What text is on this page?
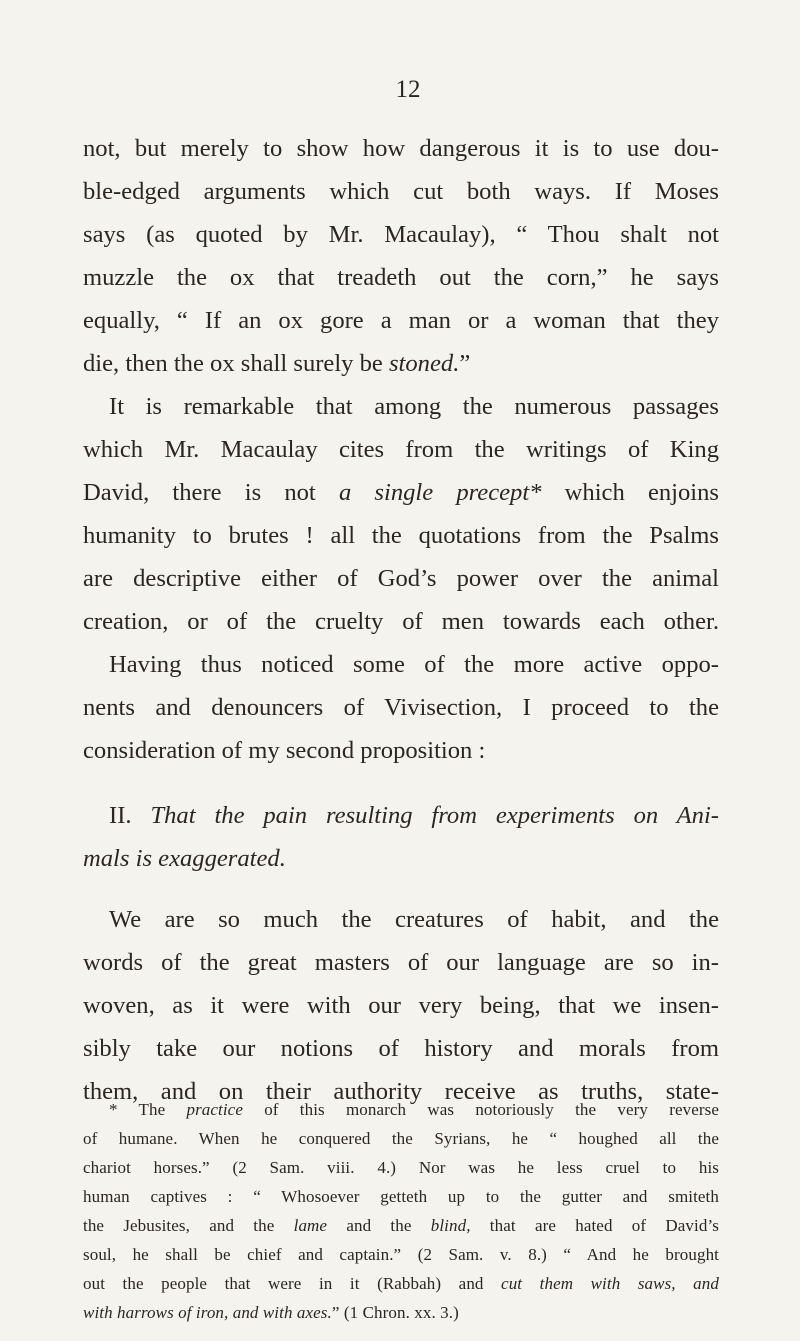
12
not, but merely to show how dangerous it is to use dou-
ble-edged arguments which cut both ways. If Moses
says (as quoted by Mr. Macaulay), “ Thou shalt not
muzzle the ox that treadeth out the corn,” he says
equally, “ If an ox gore a man or a woman that they
die, then the ox shall surely be stoned.”
It is remarkable that among the numerous passages
which Mr. Macaulay cites from the writings of King
David, there is not a single precept* which enjoins
humanity to brutes ! all the quotations from the Psalms
are descriptive either of God’s power over the animal
creation, or of the cruelty of men towards each other.
Having thus noticed some of the more active oppo-
nents and denouncers of Vivisection, I proceed to the
consideration of my second proposition :
II. That the pain resulting from experiments on Ani-
mals is exaggerated.
We are so much the creatures of habit, and the
words of the great masters of our language are so in-
woven, as it were with our very being, that we insen-
sibly take our notions of history and morals from
them, and on their authority receive as truths, state-
* The practice of this monarch was notoriously the very reverse
of humane. When he conquered the Syrians, he “ houghed all the
chariot horses.” (2 Sam. viii. 4.) Nor was he less cruel to his
human captives : “ Whosoever getteth up to the gutter and smiteth
the Jebusites, and the lame and the blind, that are hated of David’s
soul, he shall be chief and captain.” (2 Sam. v. 8.) “ And he brought
out the people that were in it (Rabbah) and cut them with saws, and
with harrows of iron, and with axes.” (1 Chron. xx. 3.)
